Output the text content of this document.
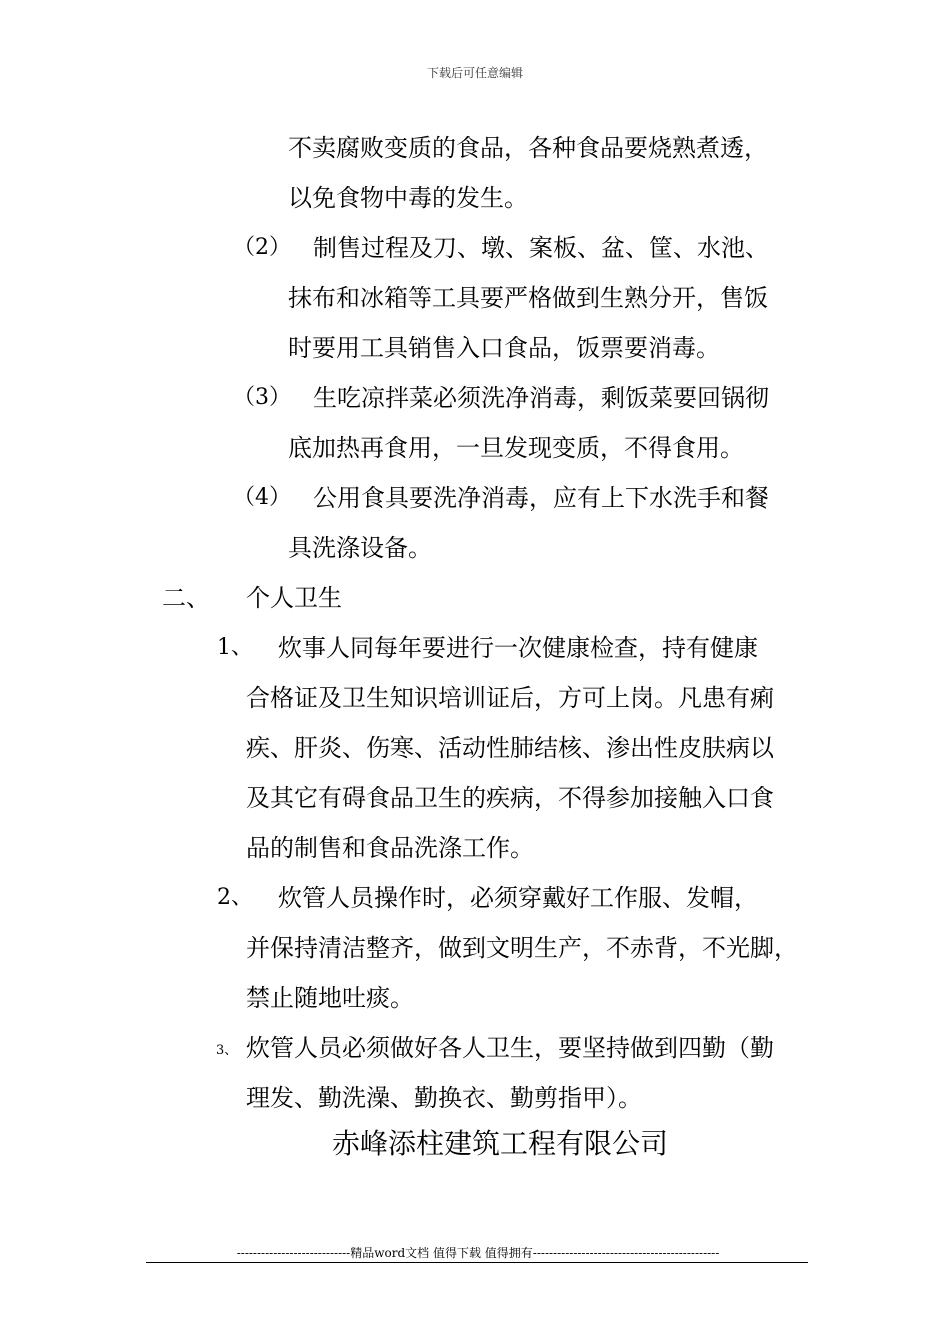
下载后可任意编辑
不卖腐败变质的食品，各种食品要烧熟煮透，
以免食物中毒的发生。
（2） 制售过程及刀、墩、案板、盆、筐、水池、
抹布和冰箱等工具要严格做到生熟分开，售饭
时要用工具销售入口食品，饭票要消毒。
（3） 生吃凉拌菜必须洗净消毒，剩饭菜要回锅彻
底加热再食用，一旦发现变质，不得食用。
（4） 公用食具要洗净消毒，应有上下水洗手和餐
具洗涤设备。
二、 个人卫生
1、 炊事人同每年要进行一次健康检查，持有健康
合格证及卫生知识培训证后，方可上岗。凡患有痢
疾、肝炎、伤寒、活动性肺结核、渗出性皮肤病以
及其它有碍食品卫生的疾病，不得参加接触入口食
品的制售和食品洗涤工作。
2、 炊管人员操作时，必须穿戴好工作服、发帽，
并保持清洁整齐，做到文明生产，不赤背，不光脚，
禁止随地吐痰。
3、 炊管人员必须做好各人卫生，要坚持做到四勤（勤
理发、勤洗澡、勤换衣、勤剪指甲）。
赤峰添柱建筑工程有限公司
----------------------------精品word文档 值得下载 值得拥有----------------------------------------------
